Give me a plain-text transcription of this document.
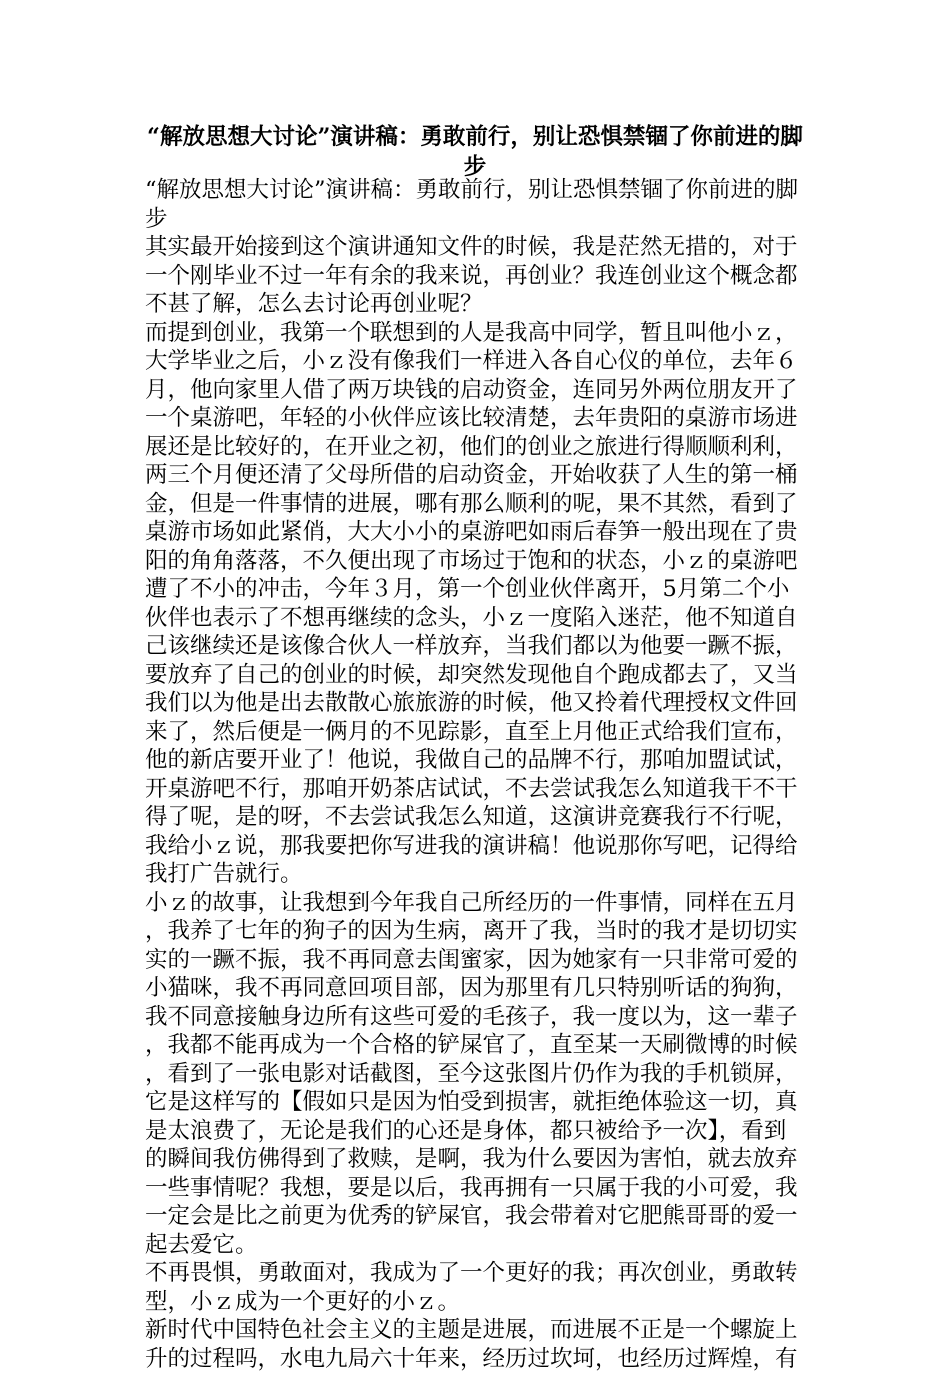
“解放思想大讨论”演讲稿：勇敢前行，别让恐惧禁锢了你前进的脚步

“解放思想大讨论”演讲稿：勇敢前行，别让恐惧禁锢了你前进的脚步

其实最开始接到这个演讲通知文件的时候，我是茫然无措的，对于一个刚毕业不过一年有余的我来说，再创业？我连创业这个概念都不甚了解，怎么去讨论再创业呢？

而提到创业，我第一个联想到的人是我高中同学，暂且叫他小ｚ，大学毕业之后，小ｚ没有像我们一样进入各自心仪的单位，去年６月，他向家里人借了两万块钱的启动资金，连同另外两位朋友开了一个桌游吧，年轻的小伙伴应该比较清楚，去年贵阳的桌游市场进展还是比较好的，在开业之初，他们的创业之旅进行得顺顺利利，两三个月便还清了父母所借的启动资金，开始收获了人生的第一桶金，但是一件事情的进展，哪有那么顺利的呢，果不其然，看到了桌游市场如此紧俏，大大小小的桌游吧如雨后春笋一般出现在了贵阳的角角落落，不久便出现了市场过于饱和的状态，小ｚ的桌游吧遭了不小的冲击，今年３月，第一个创业伙伴离开，5月第二个小伙伴也表示了不想再继续的念头，小ｚ一度陷入迷茫，他不知道自己该继续还是该像合伙人一样放弃，当我们都以为他要一蹶不振，要放弃了自己的创业的时候，却突然发现他自个跑成都去了，又当我们以为他是出去散散心旅旅游的时候，他又拎着代理授权文件回来了，然后便是一俩月的不见踪影，直至上月他正式给我们宣布，他的新店要开业了！他说，我做自己的品牌不行，那咱加盟试试，开桌游吧不行，那咱开奶茶店试试，不去尝试我怎么知道我干不干得了呢，是的呀，不去尝试我怎么知道，这演讲竞赛我行不行呢，我给小ｚ说，那我要把你写进我的演讲稿！他说那你写吧，记得给我打广告就行。

小ｚ的故事，让我想到今年我自己所经历的一件事情，同样在五月，我养了七年的狗子的因为生病，离开了我，当时的我才是切切实实的一蹶不振，我不再同意去闺蜜家，因为她家有一只非常可爱的小猫咪，我不再同意回项目部，因为那里有几只特别听话的狗狗，我不同意接触身边所有这些可爱的毛孩子，我一度以为，这一辈子，我都不能再成为一个合格的铲屎官了，直至某一天刷微博的时候，看到了一张电影对话截图，至今这张图片仍作为我的手机锁屏，它是这样写的【假如只是因为怕受到损害，就拒绝体验这一切，真是太浪费了，无论是我们的心还是身体，都只被给予一次】，看到的瞬间我仿佛得到了救赎，是啊，我为什么要因为害怕，就去放弃一些事情呢？我想，要是以后，我再拥有一只属于我的小可爱，我一定会是比之前更为优秀的铲屎官，我会带着对它肥熊哥哥的爱一起去爱它。

不再畏惧，勇敢面对，我成为了一个更好的我；再次创业，勇敢转型，小ｚ成为一个更好的小ｚ。

新时代中国特色社会主义的主题是进展，而进展不正是一个螺旋上升的过程吗，水电九局六十年来，经历过坎坷，也经历过辉煌，有
